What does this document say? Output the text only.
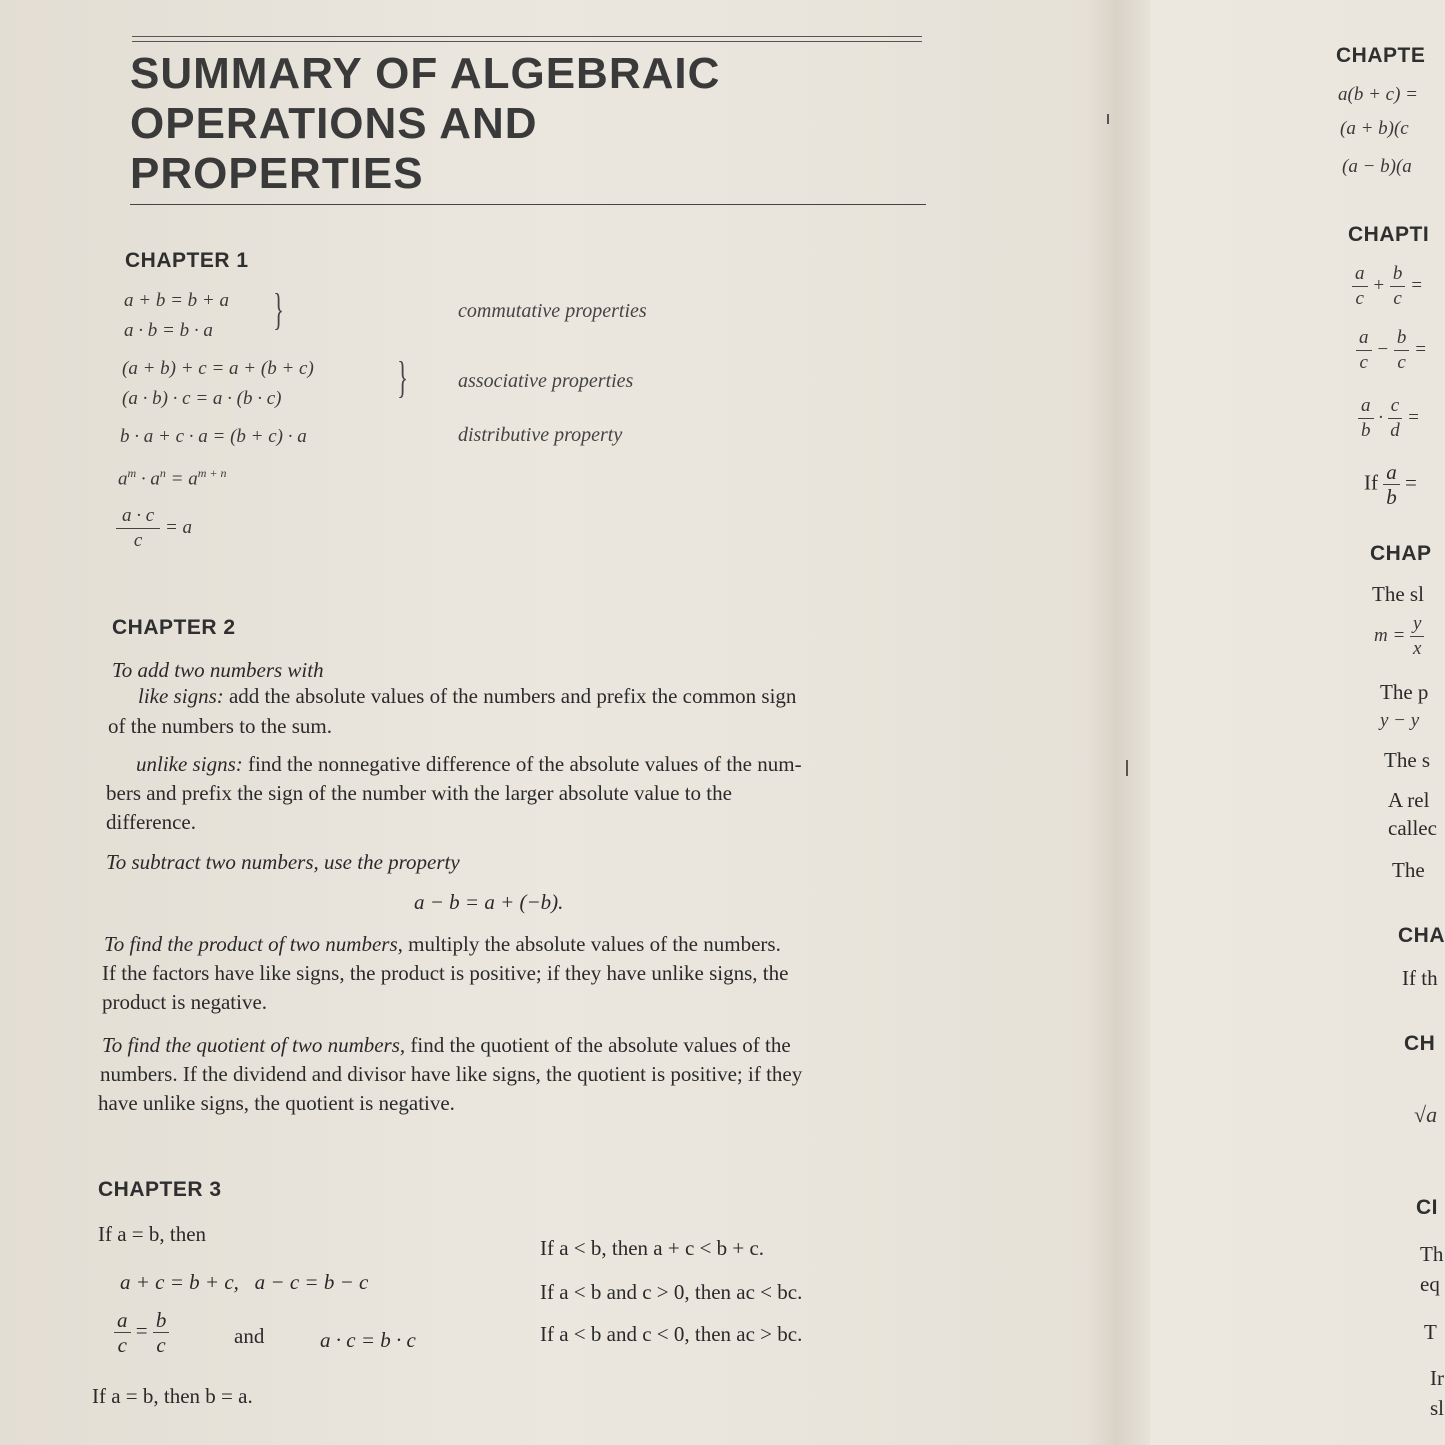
SUMMARY OF ALGEBRAIC
OPERATIONS AND
PROPERTIES
CHAPTER 1
a + b = b + a
a · b = b · a }	commutative properties
(a + b) + c = a + (b + c)
(a · b) · c = a · (b · c)	}	associative properties
b · a + c · a = (b + c) · a	distributive property
$a^m \cdot a^n = a^{m + n}$
$\frac{a \cdot c}{c} = a$
CHAPTER 2
To add two numbers with
like signs: add the absolute values of the numbers and prefix the common sign
of the numbers to the sum.
unlike signs: find the nonnegative difference of the absolute values of the num-
bers and prefix the sign of the number with the larger absolute value to the
difference.
To subtract two numbers, use the property
a − b = a + (−b).
To find the product of two numbers, multiply the absolute values of the numbers.
If the factors have like signs, the product is positive; if they have unlike signs, the
product is negative.
To find the quotient of two numbers, find the quotient of the absolute values of the
numbers. If the dividend and divisor have like signs, the quotient is positive; if they
have unlike signs, the quotient is negative.
CHAPTER 3
If a = b, then
a + c = b + c,   a − c = b − c
$\frac{a}{c} = \frac{b}{c}$	and	a · c = b · c
If a = b, then b = a.
If a < b, then a + c < b + c.
If a < b and c > 0, then ac < bc.
If a < b and c < 0, then ac > bc.
CHAPTE
a(b + c) =
(a + b)(c
(a − b)(a
CHAPTI
$\frac{a}{c} + \frac{b}{c}$ =
$\frac{a}{c} - \frac{b}{c}$ =
$\frac{a}{b} \cdot \frac{c}{d}$ =
If $\frac{a}{b}$ =
CHAP
The sl
$m = \frac{y}{x}$
The p
y − y
The s
A rel
callec
The
CHA
If th
CH
√a
CI
Th
eq
T
Ir
sl
